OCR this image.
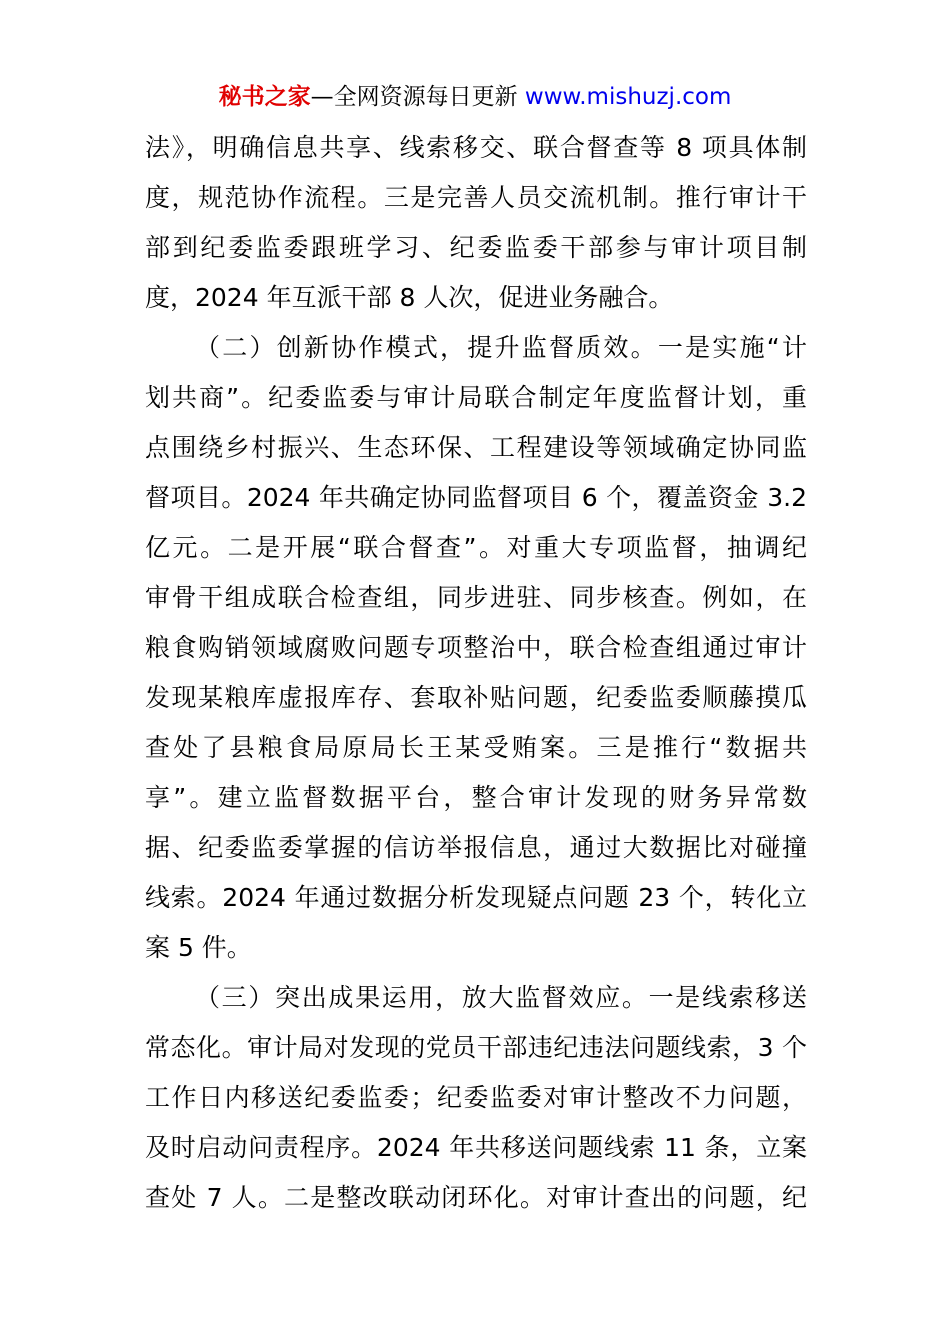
秘书之家—全网资源每日更新 www.mishuzj.com
法》，明确信息共享、线索移交、联合督查等 8 项具体制
度，规范协作流程。三是完善人员交流机制。推行审计干
部到纪委监委跟班学习、纪委监委干部参与审计项目制
度，2024 年互派干部 8 人次，促进业务融合。
（二）创新协作模式，提升监督质效。一是实施“计
划共商”。纪委监委与审计局联合制定年度监督计划，重
点围绕乡村振兴、生态环保、工程建设等领域确定协同监
督项目。2024 年共确定协同监督项目 6 个，覆盖资金 3.2
亿元。二是开展“联合督查”。对重大专项监督，抽调纪
审骨干组成联合检查组，同步进驻、同步核查。例如，在
粮食购销领域腐败问题专项整治中，联合检查组通过审计
发现某粮库虚报库存、套取补贴问题，纪委监委顺藤摸瓜
查处了县粮食局原局长王某受贿案。三是推行“数据共
享”。建立监督数据平台，整合审计发现的财务异常数
据、纪委监委掌握的信访举报信息，通过大数据比对碰撞
线索。2024 年通过数据分析发现疑点问题 23 个，转化立
案 5 件。
（三）突出成果运用，放大监督效应。一是线索移送
常态化。审计局对发现的党员干部违纪违法问题线索，3 个
工作日内移送纪委监委；纪委监委对审计整改不力问题，
及时启动问责程序。2024 年共移送问题线索 11 条，立案
查处 7 人。二是整改联动闭环化。对审计查出的问题，纪
